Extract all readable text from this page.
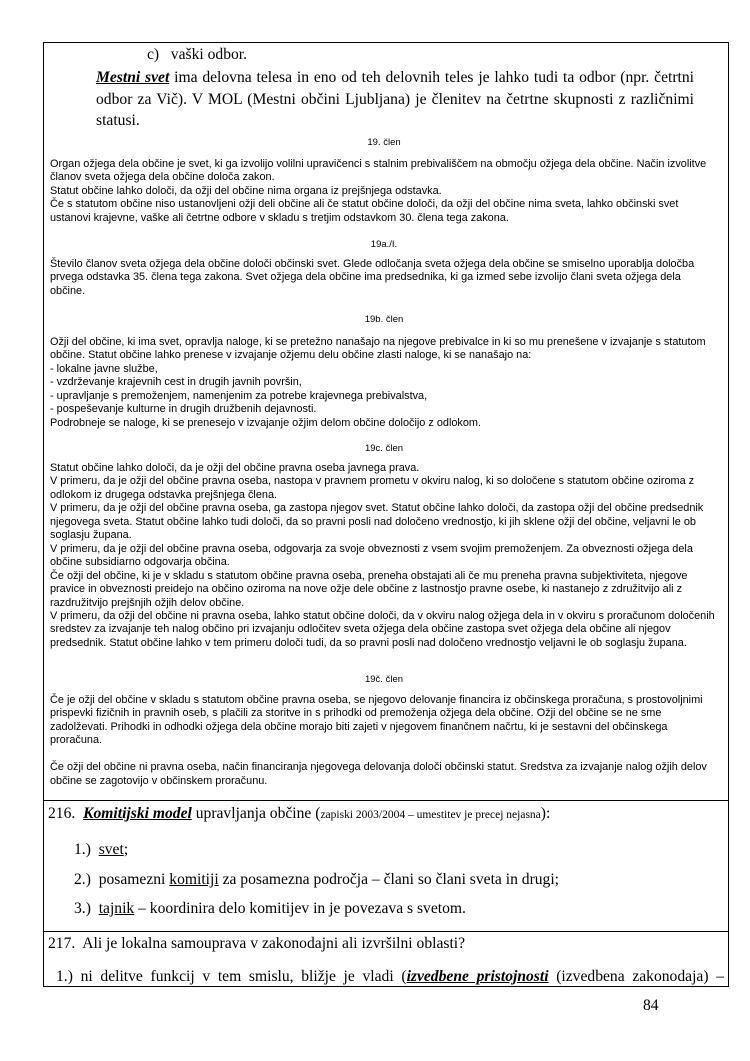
c)   vaški odbor.
Mestni svet ima delovna telesa in eno od teh delovnih teles je lahko tudi ta odbor (npr. četrtni odbor za Vič). V MOL (Mestni občini Ljubljana) je členitev na četrtne skupnosti z različnimi statusi.
19. člen
Organ ožjega dela občine je svet, ki ga izvolijo volilni upravičenci s stalnim prebivališčem na območju ožjega dela občine. Način izvolitve članov sveta ožjega dela občine določa zakon.
Statut občine lahko določi, da ožji del občine nima organa iz prejšnjega odstavka.
Če s statutom občine niso ustanovljeni ožji deli občine ali če statut občine določi, da ožji del občine nima sveta, lahko občinski svet ustanovi krajevne, vaške ali četrtne odbore v skladu s tretjim odstavkom 30. člena tega zakona.
19a./I.
Število članov sveta ožjega dela občine določi občinski svet. Glede odločanja sveta ožjega dela občine se smiselno uporablja določba prvega odstavka 35. člena tega zakona. Svet ožjega dela občine ima predsednika, ki ga izmed sebe izvolijo člani sveta ožjega dela občine.
19b. člen
Ožji del občine, ki ima svet, opravlja naloge, ki se pretežno nanašajo na njegove prebivalce in ki so mu prenešene v izvajanje s statutom občine. Statut občine lahko prenese v izvajanje ožjemu delu občine zlasti naloge, ki se nanašajo na:
- lokalne javne službe,
- vzdrževanje krajevnih cest in drugih javnih površin,
- upravljanje s premoženjem, namenjenim za potrebe krajevnega prebivalstva,
- pospeševanje kulturne in drugih družbenih dejavnosti.
Podrobneje se naloge, ki se prenesejo v izvajanje ožjim delom občine določijo z odlokom.
19c. člen
Statut občine lahko določi, da je ožji del občine pravna oseba javnega prava.
V primeru, da je ožji del občine pravna oseba, nastopa v pravnem prometu v okviru nalog, ki so določene s statutom občine oziroma z odlokom iz drugega odstavka prejšnjega člena.
V primeru, da je ožji del občine pravna oseba, ga zastopa njegov svet. Statut občine lahko določi, da zastopa ožji del občine predsednik njegovega sveta. Statut občine lahko tudi določi, da so pravni posli nad določeno vrednostjo, ki jih sklene ožji del občine, veljavni le ob soglasju župana.
V primeru, da je ožji del občine pravna oseba, odgovarja za svoje obveznosti z vsem svojim premoženjem. Za obveznosti ožjega dela občine subsidiarno odgovarja občina.
Če ožji del občine, ki je v skladu s statutom občine pravna oseba, preneha obstajati ali če mu preneha pravna subjektiviteta, njegove pravice in obveznosti preidejo na občino oziroma na nove ožje dele občine z lastnostjo pravne osebe, ki nastanejo z združitvijo ali z razdružitvijo prejšnjih ožjih delov občine.
V primeru, da ožji del občine ni pravna oseba, lahko statut občine določi, da v okviru nalog ožjega dela in v okviru s proračunom določenih sredstev za izvajanje teh nalog občino pri izvajanju odločitev sveta ožjega dela občine zastopa svet ožjega dela občine ali njegov predsednik. Statut občine lahko v tem primeru določi tudi, da so pravni posli nad določeno vrednostjo veljavni le ob soglasju župana.
19č. člen
Če je ožji del občine v skladu s statutom občine pravna oseba, se njegovo delovanje financira iz občinskega proračuna, s prostovoljnimi prispevki fizičnih in pravnih oseb, s plačili za storitve in s prihodki od premoženja ožjega dela občine. Ožji del občine se ne sme zadolževati. Prihodki in odhodki ožjega dela občine morajo biti zajeti v njegovem finančnem načrtu, ki je sestavni del občinskega proračuna.
Če ožji del občine ni pravna oseba, način financiranja njegovega delovanja določi občinski statut. Sredstva za izvajanje nalog ožjih delov občine se zagotovijo v občinskem proračunu.
216. Komitijski model upravljanja občine (zapiski 2003/2004 – umestitev je precej nejasna):
1.) svet;
2.) posamezni komitiji za posamezna področja – člani so člani sveta in drugi;
3.) tajnik – koordinira delo komitijev in je povezava s svetom.
217. Ali je lokalna samouprava v zakonodajni ali izvršilni oblasti?
1.) ni delitve funkcij v tem smislu, bližje je vladi (izvedbene pristojnosti (izvedbena zakonodaja) –
84
